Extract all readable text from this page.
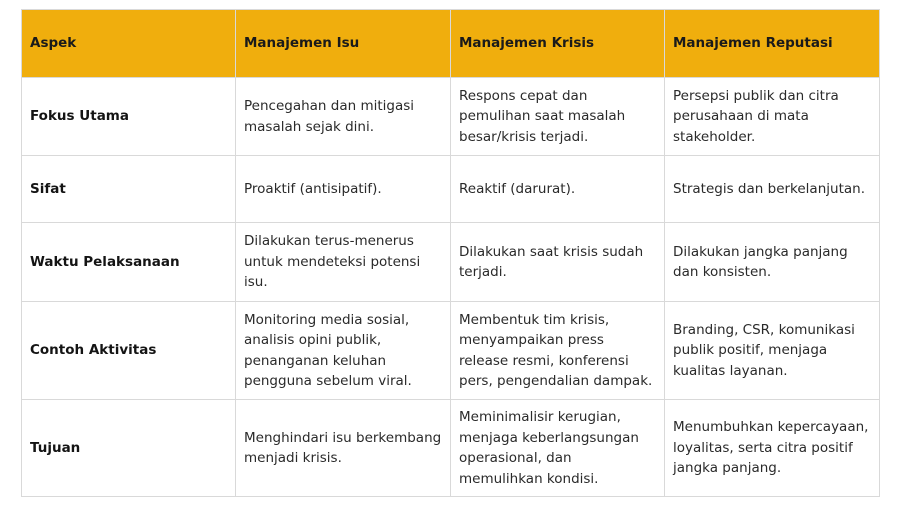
Aspek	Manajemen Isu	Manajemen Krisis	Manajemen Reputasi
Fokus Utama	Pencegahan dan mitigasi masalah sejak dini.	Respons cepat dan pemulihan saat masalah besar/krisis terjadi.	Persepsi publik dan citra perusahaan di mata stakeholder.
Sifat	Proaktif (antisipatif).	Reaktif (darurat).	Strategis dan berkelanjutan.
Waktu Pelaksanaan	Dilakukan terus-menerus untuk mendeteksi potensi isu.	Dilakukan saat krisis sudah terjadi.	Dilakukan jangka panjang dan konsisten.
Contoh Aktivitas	Monitoring media sosial, analisis opini publik, penanganan keluhan pengguna sebelum viral.	Membentuk tim krisis, menyampaikan press release resmi, konferensi pers, pengendalian dampak.	Branding, CSR, komunikasi publik positif, menjaga kualitas layanan.
Tujuan	Menghindari isu berkembang menjadi krisis.	Meminimalisir kerugian, menjaga keberlangsungan operasional, dan memulihkan kondisi.	Menumbuhkan kepercayaan, loyalitas, serta citra positif jangka panjang.
